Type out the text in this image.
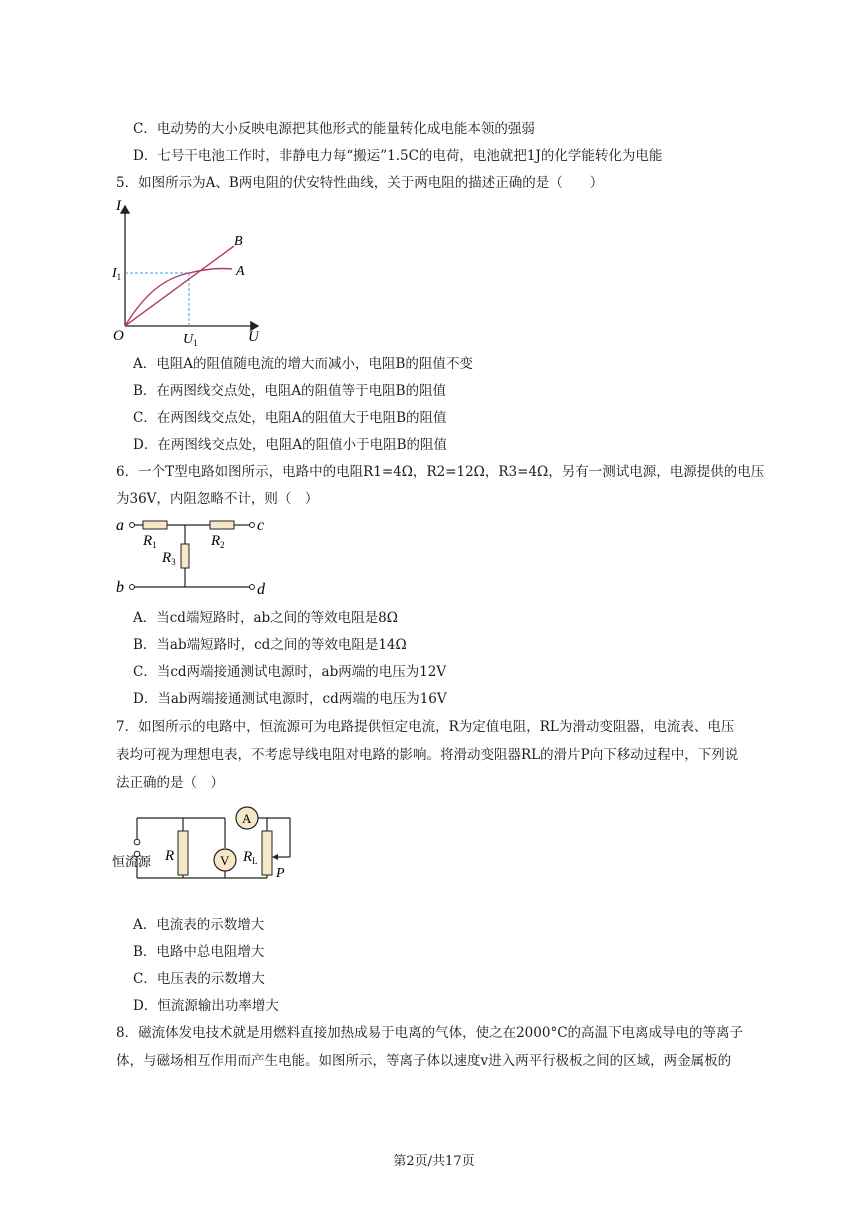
C．电动势的大小反映电源把其他形式的能量转化成电能本领的强弱
D．七号干电池工作时，非静电力每“搬运”1.5C的电荷，电池就把1J的化学能转化为电能
5．如图所示为A、B两电阻的伏安特性曲线，关于两电阻的描述正确的是（　　）
I
U
O
$I_1$
$U_1$
B
A
A．电阻A的阻值随电流的增大而减小，电阻B的阻值不变
B．在两图线交点处，电阻A的阻值等于电阻B的阻值
C．在两图线交点处，电阻A的阻值大于电阻B的阻值
D．在两图线交点处，电阻A的阻值小于电阻B的阻值
6．一个T型电路如图所示，电路中的电阻R1=4Ω，R2=12Ω，R3=4Ω，另有一测试电源，电源提供的电压
为36V，内阻忽略不计，则（　）
a	c
b	d
$R_1$	$R_2$
$R_3$
A．当cd端短路时，ab之间的等效电阻是8Ω
B．当ab端短路时，cd之间的等效电阻是14Ω
C．当cd两端接通测试电源时，ab两端的电压为12V
D．当ab两端接通测试电源时，cd两端的电压为16V
7．如图所示的电路中，恒流源可为电路提供恒定电流，R为定值电阻，RL为滑动变阻器，电流表、电压
表均可视为理想电表，不考虑导线电阻对电路的影响。将滑动变阻器RL的滑片P向下移动过程中，下列说
法正确的是（　）
V
A
恒流源 R	$R_L$
P
A．电流表的示数增大
B．电路中总电阻增大
C．电压表的示数增大
D．恒流源输出功率增大
8．磁流体发电技术就是用燃料直接加热成易于电离的气体，使之在2000°C的高温下电离成导电的等离子
体，与磁场相互作用而产生电能。如图所示，等离子体以速度v进入两平行极板之间的区域，两金属板的
第2页/共17页
